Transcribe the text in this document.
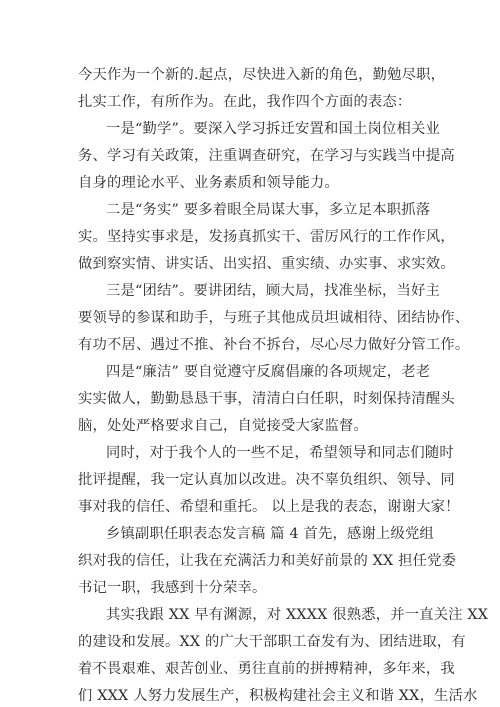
今天作为一个新的.起点，尽快进入新的角色，勤勉尽职，
扎实工作，有所作为。在此，我作四个方面的表态：
一是“勤学”。要深入学习拆迁安置和国土岗位相关业
务、学习有关政策，注重调查研究，在学习与实践当中提高
自身的理论水平、业务素质和领导能力。
二是“务实” 要多着眼全局谋大事，多立足本职抓落
实。坚持实事求是，发扬真抓实干、雷厉风行的工作作风，
做到察实情、讲实话、出实招、重实绩、办实事、求实效。
三是“团结”。要讲团结，顾大局，找准坐标，当好主
要领导的参谋和助手，与班子其他成员坦诚相待、团结协作、
有功不居、遇过不推、补台不拆台，尽心尽力做好分管工作。
四是“廉洁” 要自觉遵守反腐倡廉的各项规定，老老
实实做人，勤勤恳恳干事，清清白白任职，时刻保持清醒头
脑，处处严格要求自己，自觉接受大家监督。
同时，对于我个人的一些不足，希望领导和同志们随时
批评提醒，我一定认真加以改进。决不辜负组织、领导、同
事对我的信任、希望和重托。 以上是我的表态，谢谢大家！
乡镇副职任职表态发言稿 篇 4 首先，感谢上级党组
织对我的信任，让我在充满活力和美好前景的 XX 担任党委
书记一职，我感到十分荣幸。
其实我跟 XX 早有渊源，对 XXXX 很熟悉，并一直关注 XX
的建设和发展。XX 的广大干部职工奋发有为、团结进取，有
着不畏艰难、艰苦创业、勇往直前的拼搏精神，多年来，我
们 XXX 人努力发展生产，积极构建社会主义和谐 XX，生活水
